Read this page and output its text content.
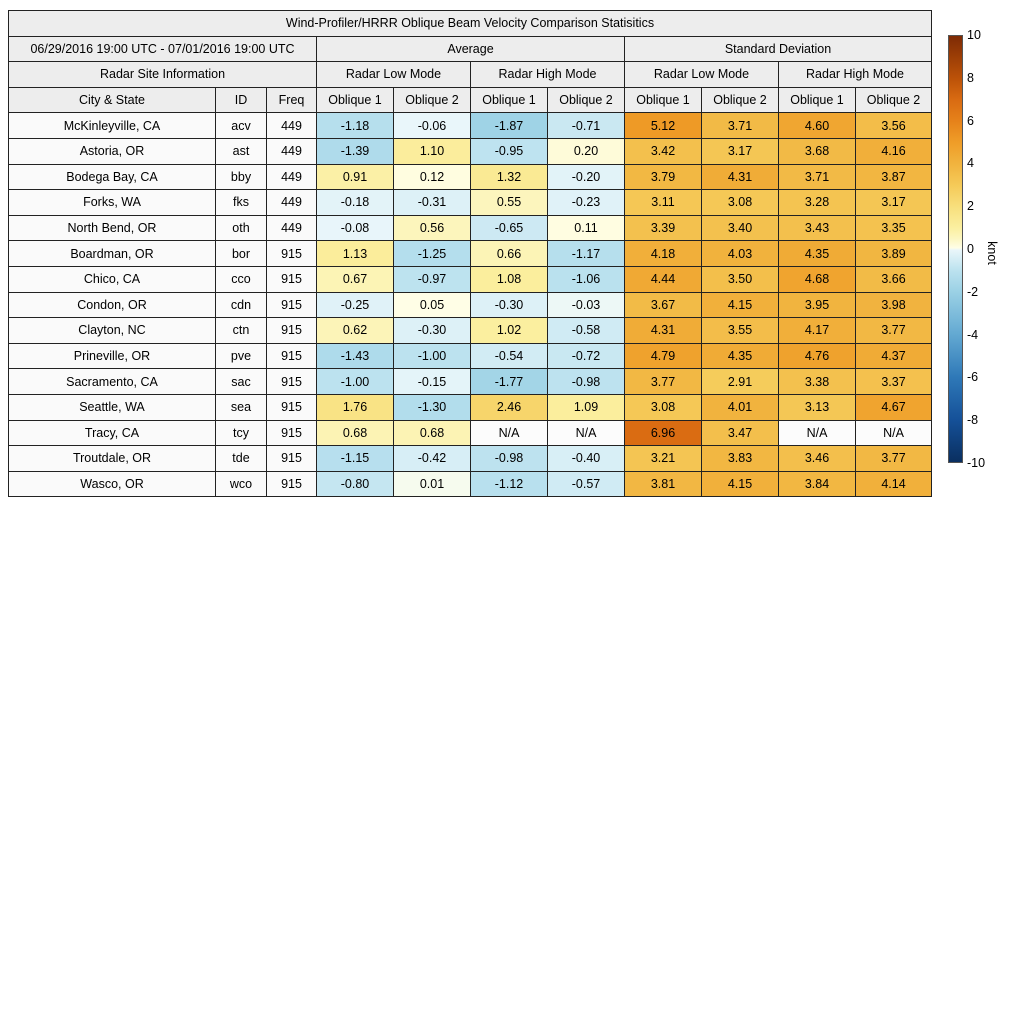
Wind-Profiler/HRRR Oblique Beam Velocity Comparison Statisitics										
06/29/2016 19:00 UTC - 07/01/2016 19:00 UTC			Average				Standard Deviation			
Radar Site Information			Radar Low Mode		Radar High Mode		Radar Low Mode		Radar High Mode	
City & State	ID	Freq	Oblique 1	Oblique 2	Oblique 1	Oblique 2	Oblique 1	Oblique 2	Oblique 1	Oblique 2
McKinleyville, CA	acv	449	-1.18	-0.06	-1.87	-0.71	5.12	3.71	4.60	3.56
Astoria, OR	ast	449	-1.39	1.10	-0.95	0.20	3.42	3.17	3.68	4.16
Bodega Bay, CA	bby	449	0.91	0.12	1.32	-0.20	3.79	4.31	3.71	3.87
Forks, WA	fks	449	-0.18	-0.31	0.55	-0.23	3.11	3.08	3.28	3.17
North Bend, OR	oth	449	-0.08	0.56	-0.65	0.11	3.39	3.40	3.43	3.35
Boardman, OR	bor	915	1.13	-1.25	0.66	-1.17	4.18	4.03	4.35	3.89
Chico, CA	cco	915	0.67	-0.97	1.08	-1.06	4.44	3.50	4.68	3.66
Condon, OR	cdn	915	-0.25	0.05	-0.30	-0.03	3.67	4.15	3.95	3.98
Clayton, NC	ctn	915	0.62	-0.30	1.02	-0.58	4.31	3.55	4.17	3.77
Prineville, OR	pve	915	-1.43	-1.00	-0.54	-0.72	4.79	4.35	4.76	4.37
Sacramento, CA	sac	915	-1.00	-0.15	-1.77	-0.98	3.77	2.91	3.38	3.37
Seattle, WA	sea	915	1.76	-1.30	2.46	1.09	3.08	4.01	3.13	4.67
Tracy, CA	tcy	915	0.68	0.68	N/A	N/A	6.96	3.47	N/A	N/A
Troutdale, OR	tde	915	-1.15	-0.42	-0.98	-0.40	3.21	3.83	3.46	3.77
Wasco, OR	wco	915	-0.80	0.01	-1.12	-0.57	3.81	4.15	3.84	4.14
10
8
6
4
2
0
-2
-4
-6
-8
-10
knot
